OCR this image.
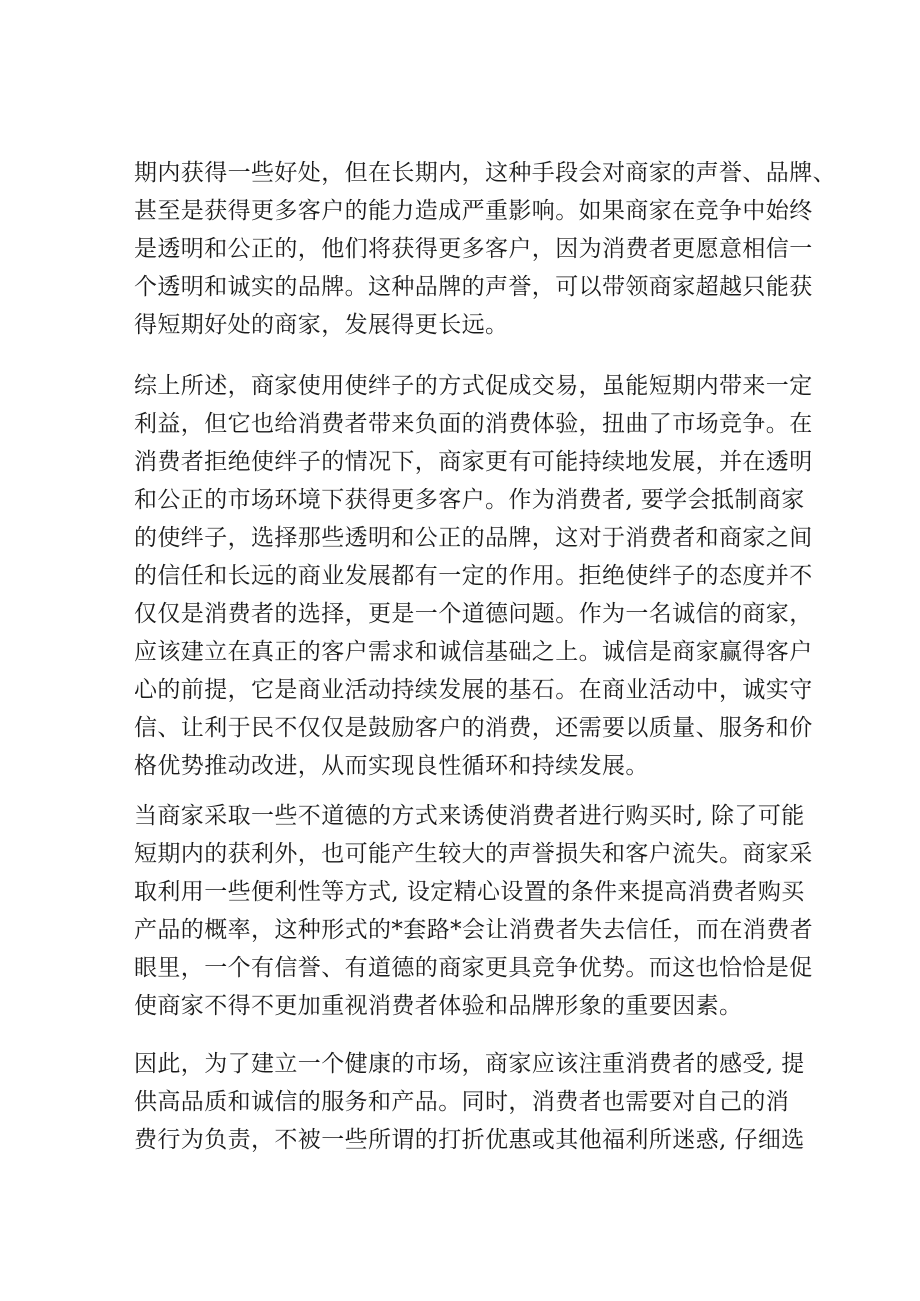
期内获得一些好处，但在长期内，这种手段会对商家的声誉、品牌、
甚至是获得更多客户的能力造成严重影响。如果商家在竞争中始终
是透明和公正的，他们将获得更多客户，因为消费者更愿意相信一
个透明和诚实的品牌。这种品牌的声誉，可以带领商家超越只能获
得短期好处的商家，发展得更长远。
综上所述，商家使用使绊子的方式促成交易，虽能短期内带来一定
利益，但它也给消费者带来负面的消费体验，扭曲了市场竞争。在
消费者拒绝使绊子的情况下，商家更有可能持续地发展，并在透明
和公正的市场环境下获得更多客户。作为消费者, 要学会抵制商家
的使绊子，选择那些透明和公正的品牌，这对于消费者和商家之间
的信任和长远的商业发展都有一定的作用。拒绝使绊子的态度并不
仅仅是消费者的选择，更是一个道德问题。作为一名诚信的商家，
应该建立在真正的客户需求和诚信基础之上。诚信是商家赢得客户
心的前提，它是商业活动持续发展的基石。在商业活动中，诚实守
信、让利于民不仅仅是鼓励客户的消费，还需要以质量、服务和价
格优势推动改进，从而实现良性循环和持续发展。
当商家采取一些不道德的方式来诱使消费者进行购买时, 除了可能
短期内的获利外，也可能产生较大的声誉损失和客户流失。商家采
取利用一些便利性等方式, 设定精心设置的条件来提高消费者购买
产品的概率，这种形式的*套路*会让消费者失去信任，而在消费者
眼里，一个有信誉、有道德的商家更具竞争优势。而这也恰恰是促
使商家不得不更加重视消费者体验和品牌形象的重要因素。
因此，为了建立一个健康的市场，商家应该注重消费者的感受, 提
供高品质和诚信的服务和产品。同时，消费者也需要对自己的消
费行为负责，不被一些所谓的打折优惠或其他福利所迷惑, 仔细选
